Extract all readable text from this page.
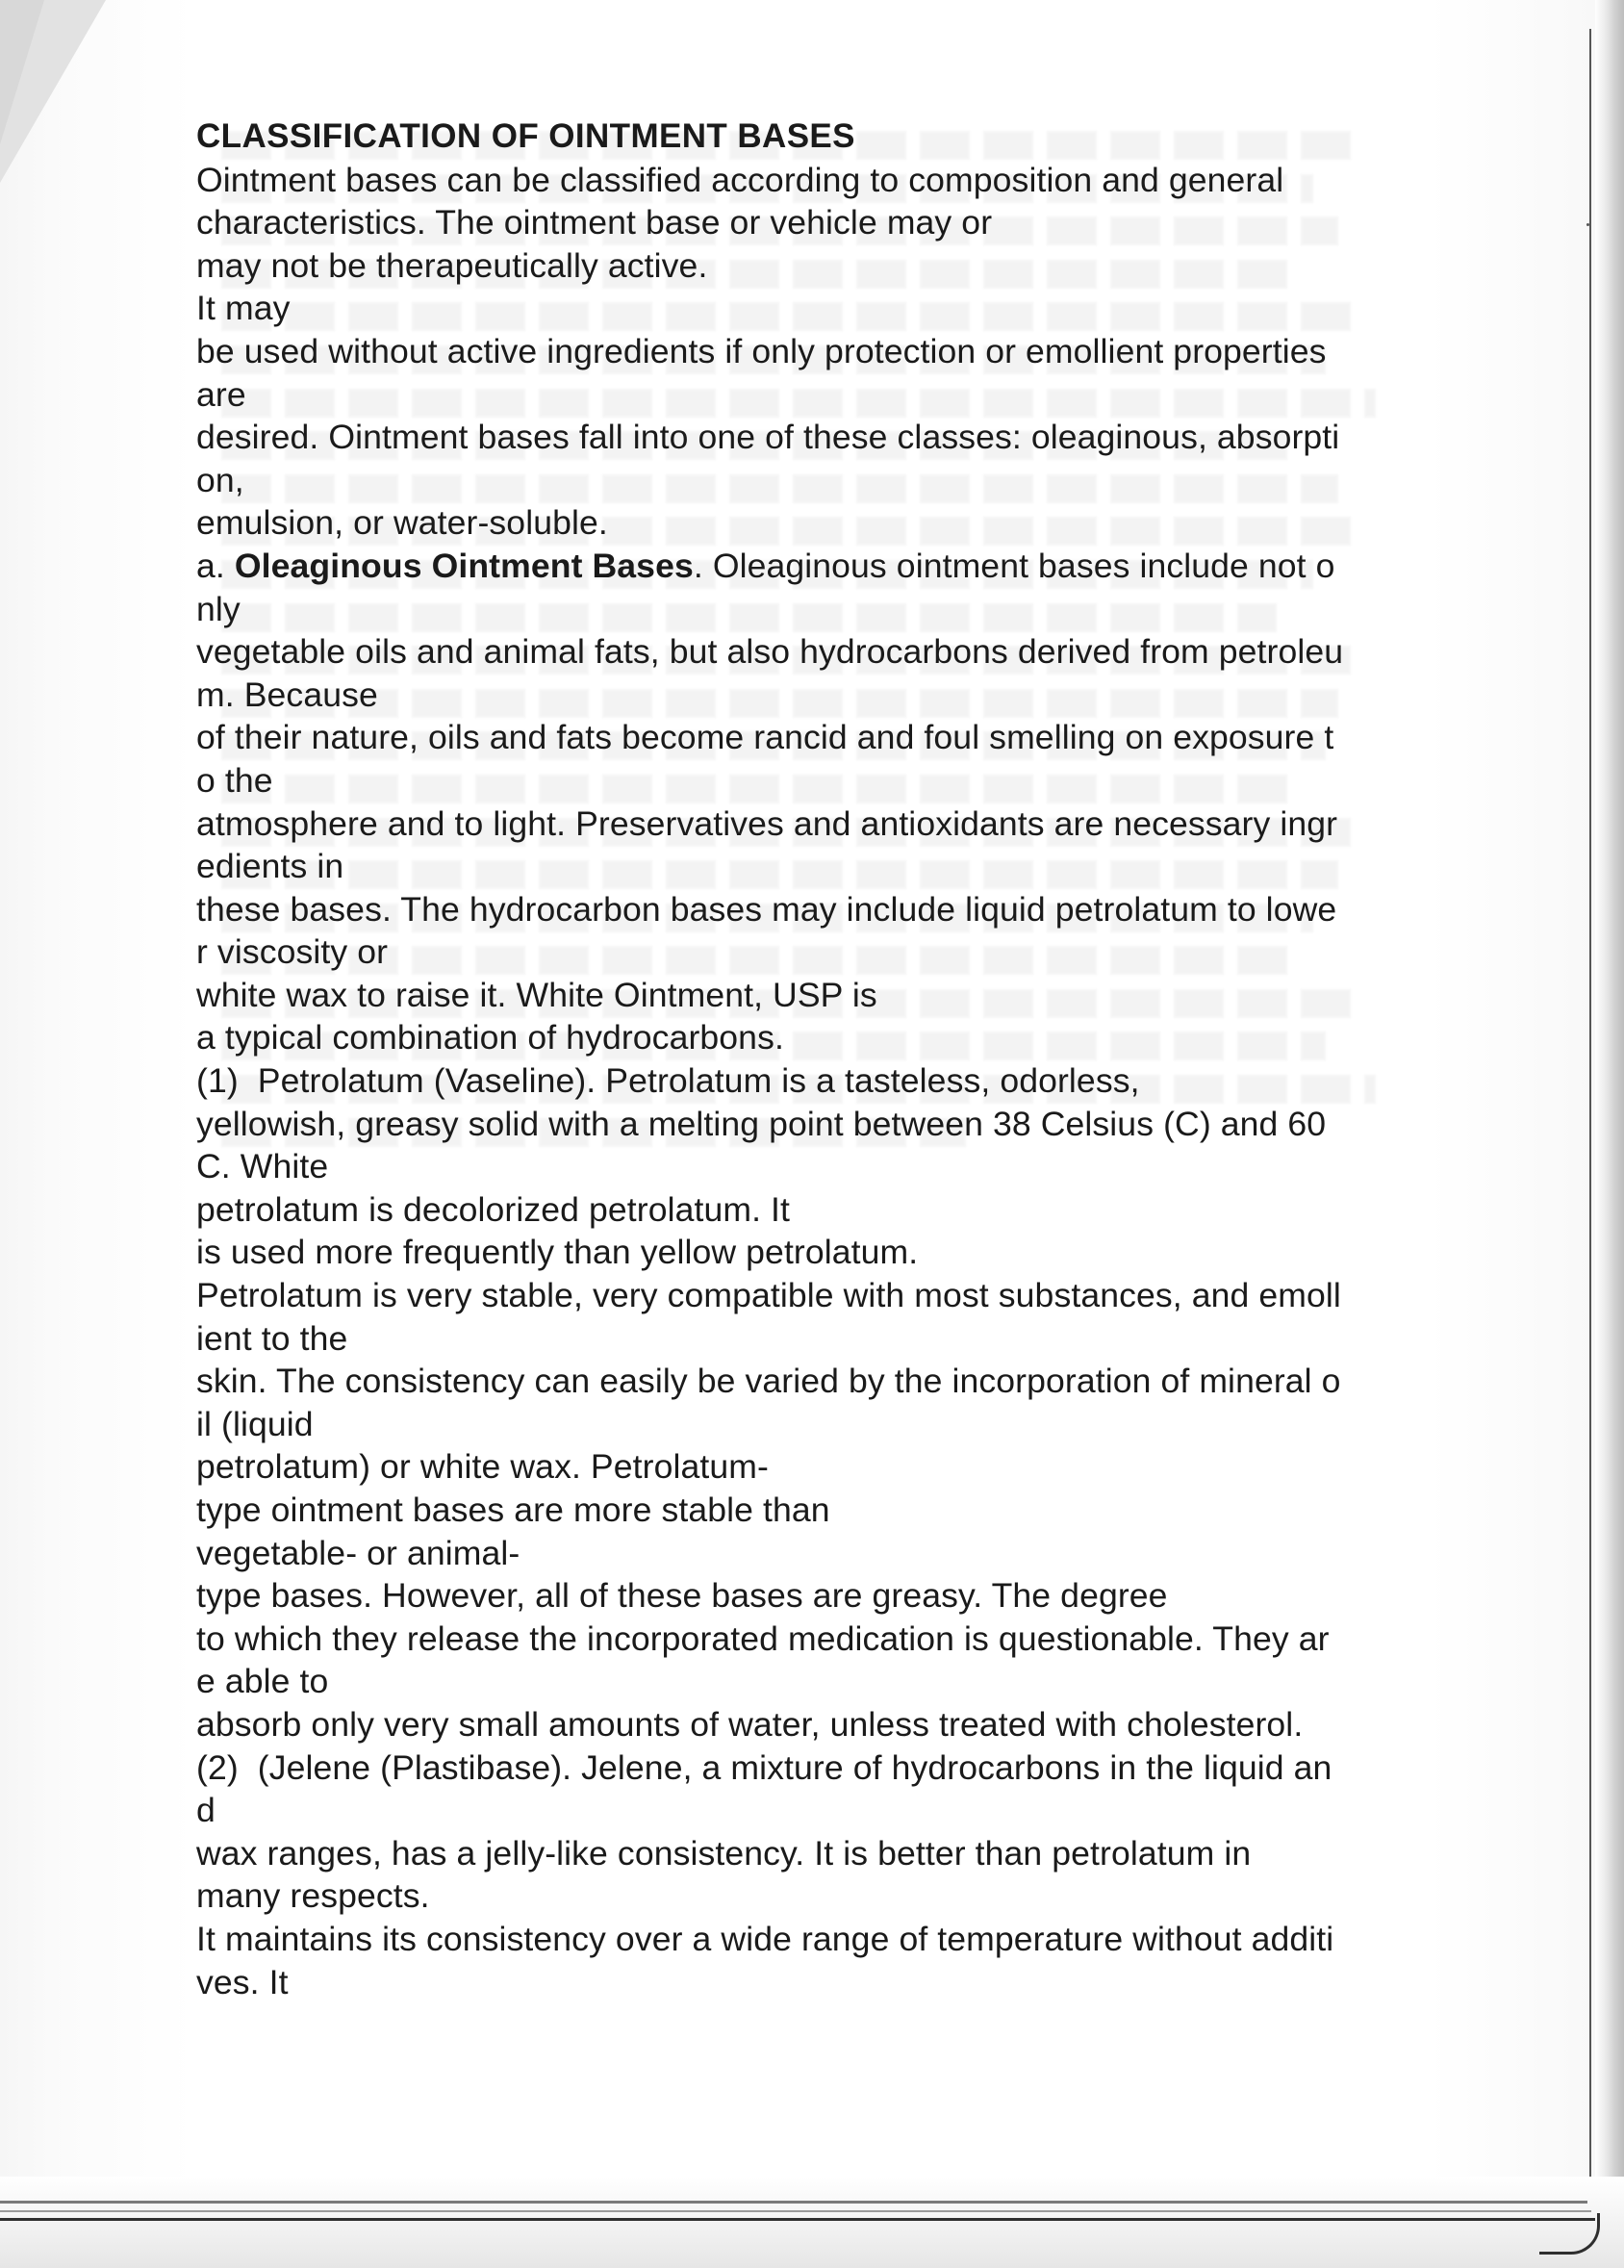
CLASSIFICATION OF OINTMENT BASES
Ointment bases can be classified according to composition and general
characteristics. The ointment base or vehicle may or
may not be therapeutically active.
It may
be used without active ingredients if only protection or emollient properties
are
desired. Ointment bases fall into one of these classes: oleaginous, absorpti
on,
emulsion, or water-soluble.
a. Oleaginous Ointment Bases. Oleaginous ointment bases include not o
nly
vegetable oils and animal fats, but also hydrocarbons derived from petroleu
m. Because
of their nature, oils and fats become rancid and foul smelling on exposure t
o the
atmosphere and to light. Preservatives and antioxidants are necessary ingr
edients in
these bases. The hydrocarbon bases may include liquid petrolatum to lowe
r viscosity or
white wax to raise it. White Ointment, USP is
a typical combination of hydrocarbons.
(1)  Petrolatum (Vaseline). Petrolatum is a tasteless, odorless,
yellowish, greasy solid with a melting point between 38 Celsius (C) and 60
C. White
petrolatum is decolorized petrolatum. It
is used more frequently than yellow petrolatum.
Petrolatum is very stable, very compatible with most substances, and emoll
ient to the
skin. The consistency can easily be varied by the incorporation of mineral o
il (liquid
petrolatum) or white wax. Petrolatum-
type ointment bases are more stable than
vegetable- or animal-
type bases. However, all of these bases are greasy. The degree
to which they release the incorporated medication is questionable. They ar
e able to
absorb only very small amounts of water, unless treated with cholesterol.
(2)  (Jelene (Plastibase). Jelene, a mixture of hydrocarbons in the liquid an
d
wax ranges, has a jelly-like consistency. It is better than petrolatum in
many respects.
It maintains its consistency over a wide range of temperature without additi
ves. It
